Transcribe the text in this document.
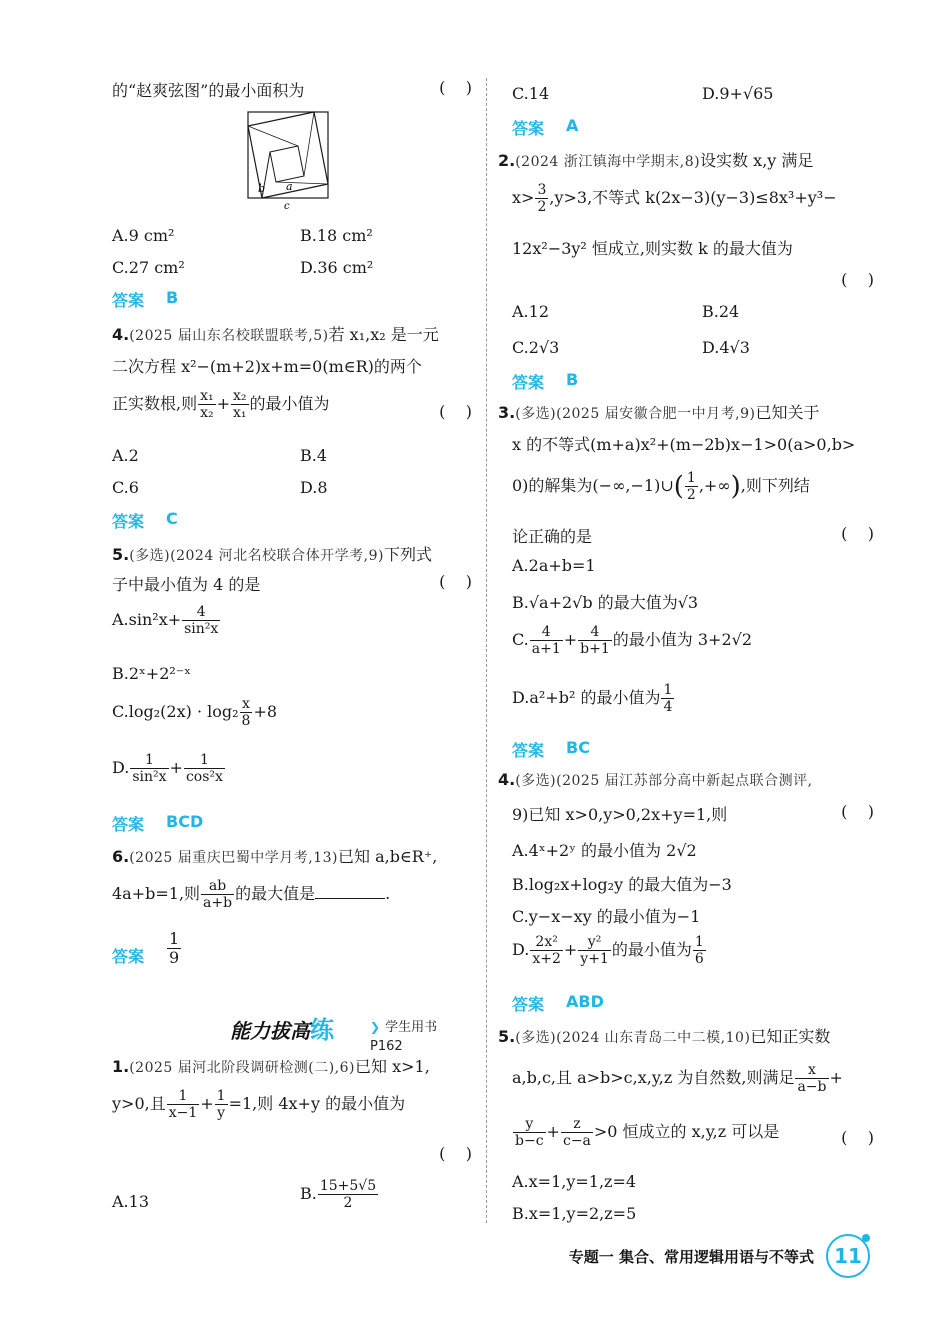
的“赵爽弦图”的最小面积为	(    )
b a
c
A.9 cm²	B.18 cm²
C.27 cm²	D.36 cm²
答案 B
4.(2025 届山东名校联盟联考,5)若 x₁,x₂ 是一元
二次方程 x²−(m+2)x+m=0(m∈R)的两个
正实数根,则 $\frac{\text{x₁}}{\text{x₂}} + \frac{\text{x₂}}{\text{x₁}}$ 的最小值为	(    )
A.2	B.4
C.6	D.8
答案 C
5.(多选)(2024 河北名校联合体开学考,9)下列式
子中最小值为 4 的是	(    )
$A.\sin^2x+ \frac{4}{\text{sin²x}}$
B.2ˣ+2²⁻ˣ
$C.\log_2(2x) \cdot \log_2 \frac{x}{8} +8$
D. $\frac{1}{\text{sin²x}} + \frac{1}{\text{cos²x}}$
答案 BCD
6.(2025 届重庆巴蜀中学月考,13)已知 a,b∈R⁺,
4a+b=1,则 $\frac{ab}{a+b}$ 的最大值是	.
答案 $\frac{1}{9}$
能力拔高练	❯ 学生用书 P162
1.(2025 届河北阶段调研检测(二),6)已知 x>1,
y>0,且 $\frac{1}{x-1} + \frac{1}{y} =1$,则 4x+y 的最小值为
(    )
A.13	B. $\frac{15+5√5}{2}$
C.14	D.9+√65
答案 A
2.(2024 浙江镇海中学期末,8)设实数 x,y 满足
$x> \frac{3}{2} ,y>3$,不等式 k(2x−3)(y−3)≤8x³+y³−
12x²−3y² 恒成立,则实数 k 的最大值为
(    )
A.12	B.24
C.2√3	D.4√3
答案 B
3.(多选)(2025 届安徽合肥一中月考,9)已知关于
x 的不等式(m+a)x²+(m−2b)x−1>0(a>0,b>
0)的解集为(−∞,−1)∪( $\frac{1}{2}$ ,+∞),则下列结
论正确的是	(    )
A.2a+b=1
B.√a+2√b 的最大值为√3
C. $\frac{4}{a+1} + \frac{4}{b+1}$ 的最小值为 3+2√2
D.a²+b² 的最小值为 $\frac{1}{4}$
答案 BC
4.(多选)(2025 届江苏部分高中新起点联合测评,
9)已知 x>0,y>0,2x+y=1,则	(    )
A.4ˣ+2ʸ 的最小值为 2√2
B.log₂x+log₂y 的最大值为−3
C.y−x−xy 的最小值为−1
D. $\frac{\text{2x²}}{x+2} + \frac{\text{y²}}{y+1}$ 的最小值为 $\frac{1}{6}$
答案 ABD
5.(多选)(2024 山东青岛二中二模,10)已知正实数
a,b,c,且 a>b>c,x,y,z 为自然数,则满足 $\frac{x}{a-b}$ +
$\frac{y}{b-c} + \frac{z}{c-a} >0$ 恒成立的 x,y,z 可以是	(    )
A.x=1,y=1,z=4
B.x=1,y=2,z=5
专题一 集合、常用逻辑用语与不等式 11
